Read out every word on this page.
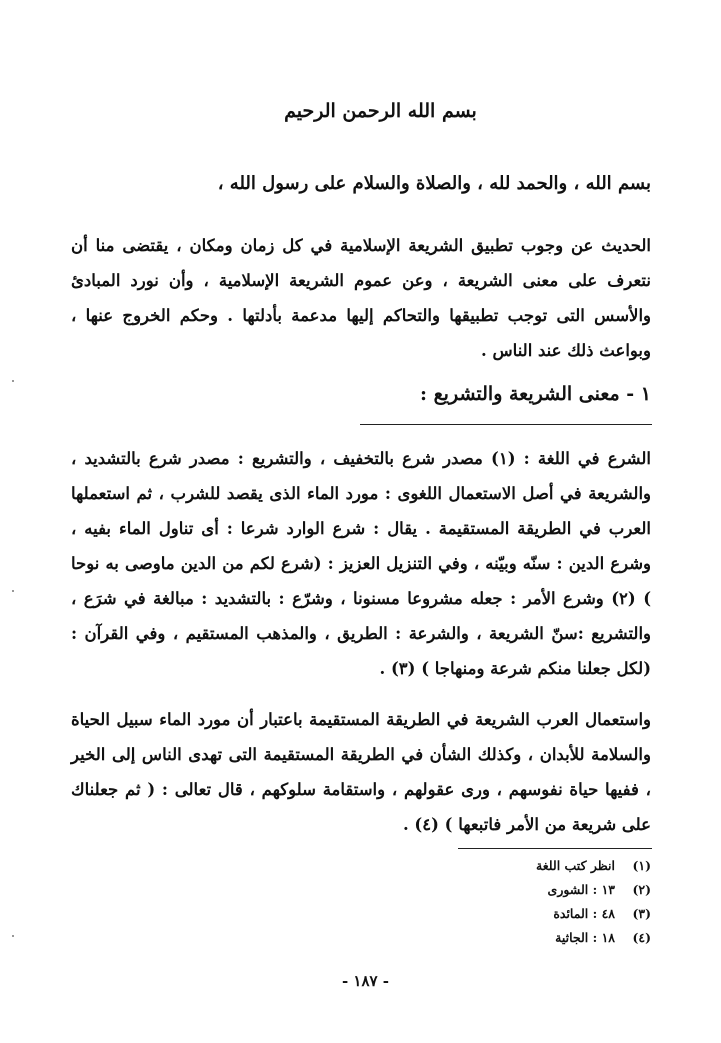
بسم الله الرحمن الرحيم

بسم الله ، والحمد لله ، والصلاة والسلام على رسول الله ،

الحديث عن وجوب تطبيق الشريعة الإسلامية في كل زمان ومكان ، يقتضى منا أن نتعرف على معنى الشريعة ، وعن عموم الشريعة الإسلامية ، وأن نورد المبادئ والأسس التى توجب تطبيقها والتحاكم إليها مدعمة بأدلتها . وحكم الخروج عنها ، وبواعث ذلك عند الناس .

١ - معنى الشريعة والتشريع :

الشرع في اللغة : (١) مصدر شرع بالتخفيف ، والتشريع : مصدر شرع بالتشديد ، والشريعة في أصل الاستعمال اللغوى : مورد الماء الذى يقصد للشرب ، ثم استعملها العرب في الطريقة المستقيمة . يقال : شرع الوارد شرعا : أى تناول الماء بفيه ، وشرع الدين : سنّه وبيّنه ، وفي التنزيل العزيز : (شرع لكم من الدين ماوصى به نوحا ) (٢) وشرع الأمر : جعله مشروعا مسنونا ، وشرّع : بالتشديد : مبالغة في شرَع ، والتشريع :سنّ الشريعة ، والشرعة : الطريق ، والمذهب المستقيم ، وفي القرآن : (لكل جعلنا منكم شرعة ومنهاجا ) (٣) .

واستعمال العرب الشريعة في الطريقة المستقيمة باعتبار أن مورد الماء سبيل الحياة والسلامة للأبدان ، وكذلك الشأن في الطريقة المستقيمة التى تهدى الناس إلى الخير ، ففيها حياة نفوسهم ، ورى عقولهم ، واستقامة سلوكهم ، قال تعالى : ( ثم جعلناك على شريعة من الأمر فاتبعها ) (٤) .

(١)انظر كتب اللغة
(٢)١٣ : الشورى
(٣)٤٨ : المائدة
(٤)١٨ : الجاثية

- ١٨٧ -
